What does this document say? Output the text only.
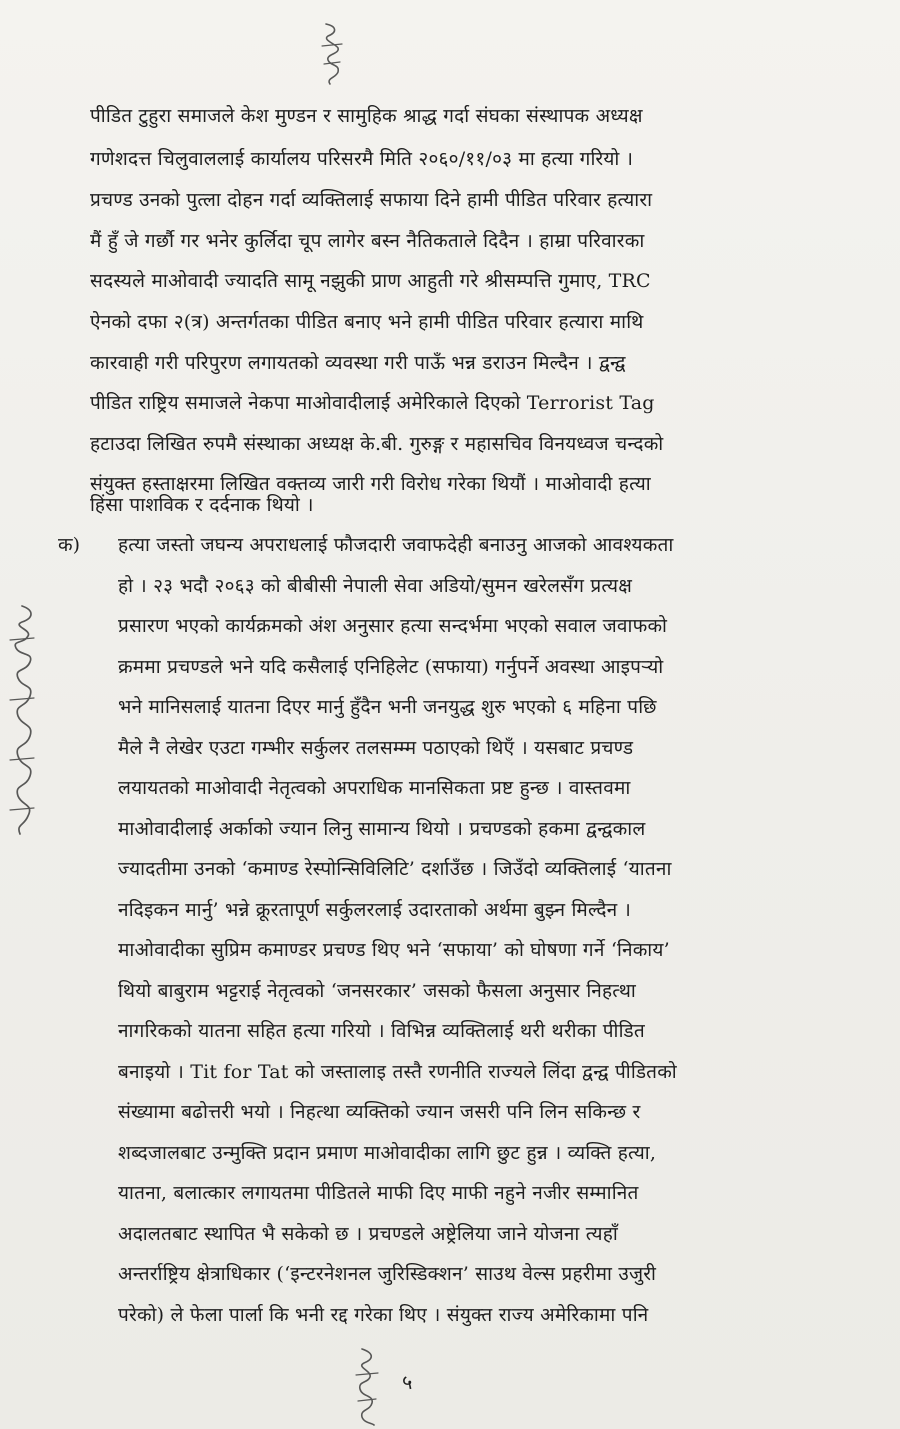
पीडित टुहुरा समाजले केश मुण्डन र सामुहिक श्राद्ध गर्दा संघका संस्थापक अध्यक्ष
गणेशदत्त चिलुवाललाई कार्यालय परिसरमै मिति २०६०/११/०३ मा हत्या गरियो ।
प्रचण्ड उनको पुत्ला दोहन गर्दा व्यक्तिलाई सफाया दिने हामी पीडित परिवार हत्यारा
मैं हुँ जे गर्छौ गर भनेर कुर्लिदा चूप लागेर बस्न नैतिकताले दिदैन । हाम्रा परिवारका
सदस्यले माओवादी ज्यादति सामू नझुकी प्राण आहुती गरे श्रीसम्पत्ति गुमाए, TRC
ऐनको दफा २(त्र) अन्तर्गतका पीडित बनाए भने हामी पीडित परिवार हत्यारा माथि
कारवाही गरी परिपुरण लगायतको व्यवस्था गरी पाऊँ भन्न डराउन मिल्दैन । द्वन्द्व
पीडित राष्ट्रिय समाजले नेकपा माओवादीलाई अमेरिकाले दिएको Terrorist Tag
हटाउदा लिखित रुपमै संस्थाका अध्यक्ष के.बी. गुरुङ्ग र महासचिव विनयध्वज चन्दको
संयुक्त हस्ताक्षरमा लिखित वक्तव्य जारी गरी विरोध गरेका थियौं । माओवादी हत्या
हिंसा पाशविक र दर्दनाक थियो ।
क) हत्या जस्तो जघन्य अपराधलाई फौजदारी जवाफदेही बनाउनु आजको आवश्यकता
हो । २३ भदौ २०६३ को बीबीसी नेपाली सेवा अडियो/सुमन खरेलसँग प्रत्यक्ष
प्रसारण भएको कार्यक्रमको अंश अनुसार हत्या सन्दर्भमा भएको सवाल जवाफको
क्रममा प्रचण्डले भने यदि कसैलाई एनिहिलेट (सफाया) गर्नुपर्ने अवस्था आइपऱ्यो
भने मानिसलाई यातना दिएर मार्नु हुँदैन भनी जनयुद्ध शुरु भएको ६ महिना पछि
मैले नै लेखेर एउटा गम्भीर सर्कुलर तलसम्म्म पठाएको थिएँ । यसबाट प्रचण्ड
लयायतको माओवादी नेतृत्वको अपराधिक मानसिकता प्रष्ट हुन्छ । वास्तवमा
माओवादीलाई अर्काको ज्यान लिनु सामान्य थियो । प्रचण्डको हकमा द्वन्द्वकाल
ज्यादतीमा उनको ‘कमाण्ड रेस्पोन्सिविलिटि’ दर्शाउँछ । जिउँदो व्यक्तिलाई ‘यातना
नदिइकन मार्नु’ भन्ने क्रूरतापूर्ण सर्कुलरलाई उदारताको अर्थमा बुझ्न मिल्दैन ।
माओवादीका सुप्रिम कमाण्डर प्रचण्ड थिए भने ‘सफाया’ को घोषणा गर्ने ‘निकाय’
थियो बाबुराम भट्टराई नेतृत्वको ‘जनसरकार’ जसको फैसला अनुसार निहत्था
नागरिकको यातना सहित हत्या गरियो । विभिन्न व्यक्तिलाई थरी थरीका पीडित
बनाइयो । Tit for Tat को जस्तालाइ तस्तै रणनीति राज्यले लिंदा द्वन्द्व पीडितको
संख्यामा बढोत्तरी भयो । निहत्था व्यक्तिको ज्यान जसरी पनि लिन सकिन्छ र
शब्दजालबाट उन्मुक्ति प्रदान प्रमाण माओवादीका लागि छुट हुन्न । व्यक्ति हत्या,
यातना, बलात्कार लगायतमा पीडितले माफी दिए माफी नहुने नजीर सम्मानित
अदालतबाट स्थापित भै सकेको छ । प्रचण्डले अष्ट्रेलिया जाने योजना त्यहाँ
अन्तर्राष्ट्रिय क्षेत्राधिकार (‘इन्टरनेशनल जुरिस्डिक्शन’ साउथ वेल्स प्रहरीमा उजुरी
परेको) ले फेला पार्ला कि भनी रद्द गरेका थिए । संयुक्त राज्य अमेरिकामा पनि
५
